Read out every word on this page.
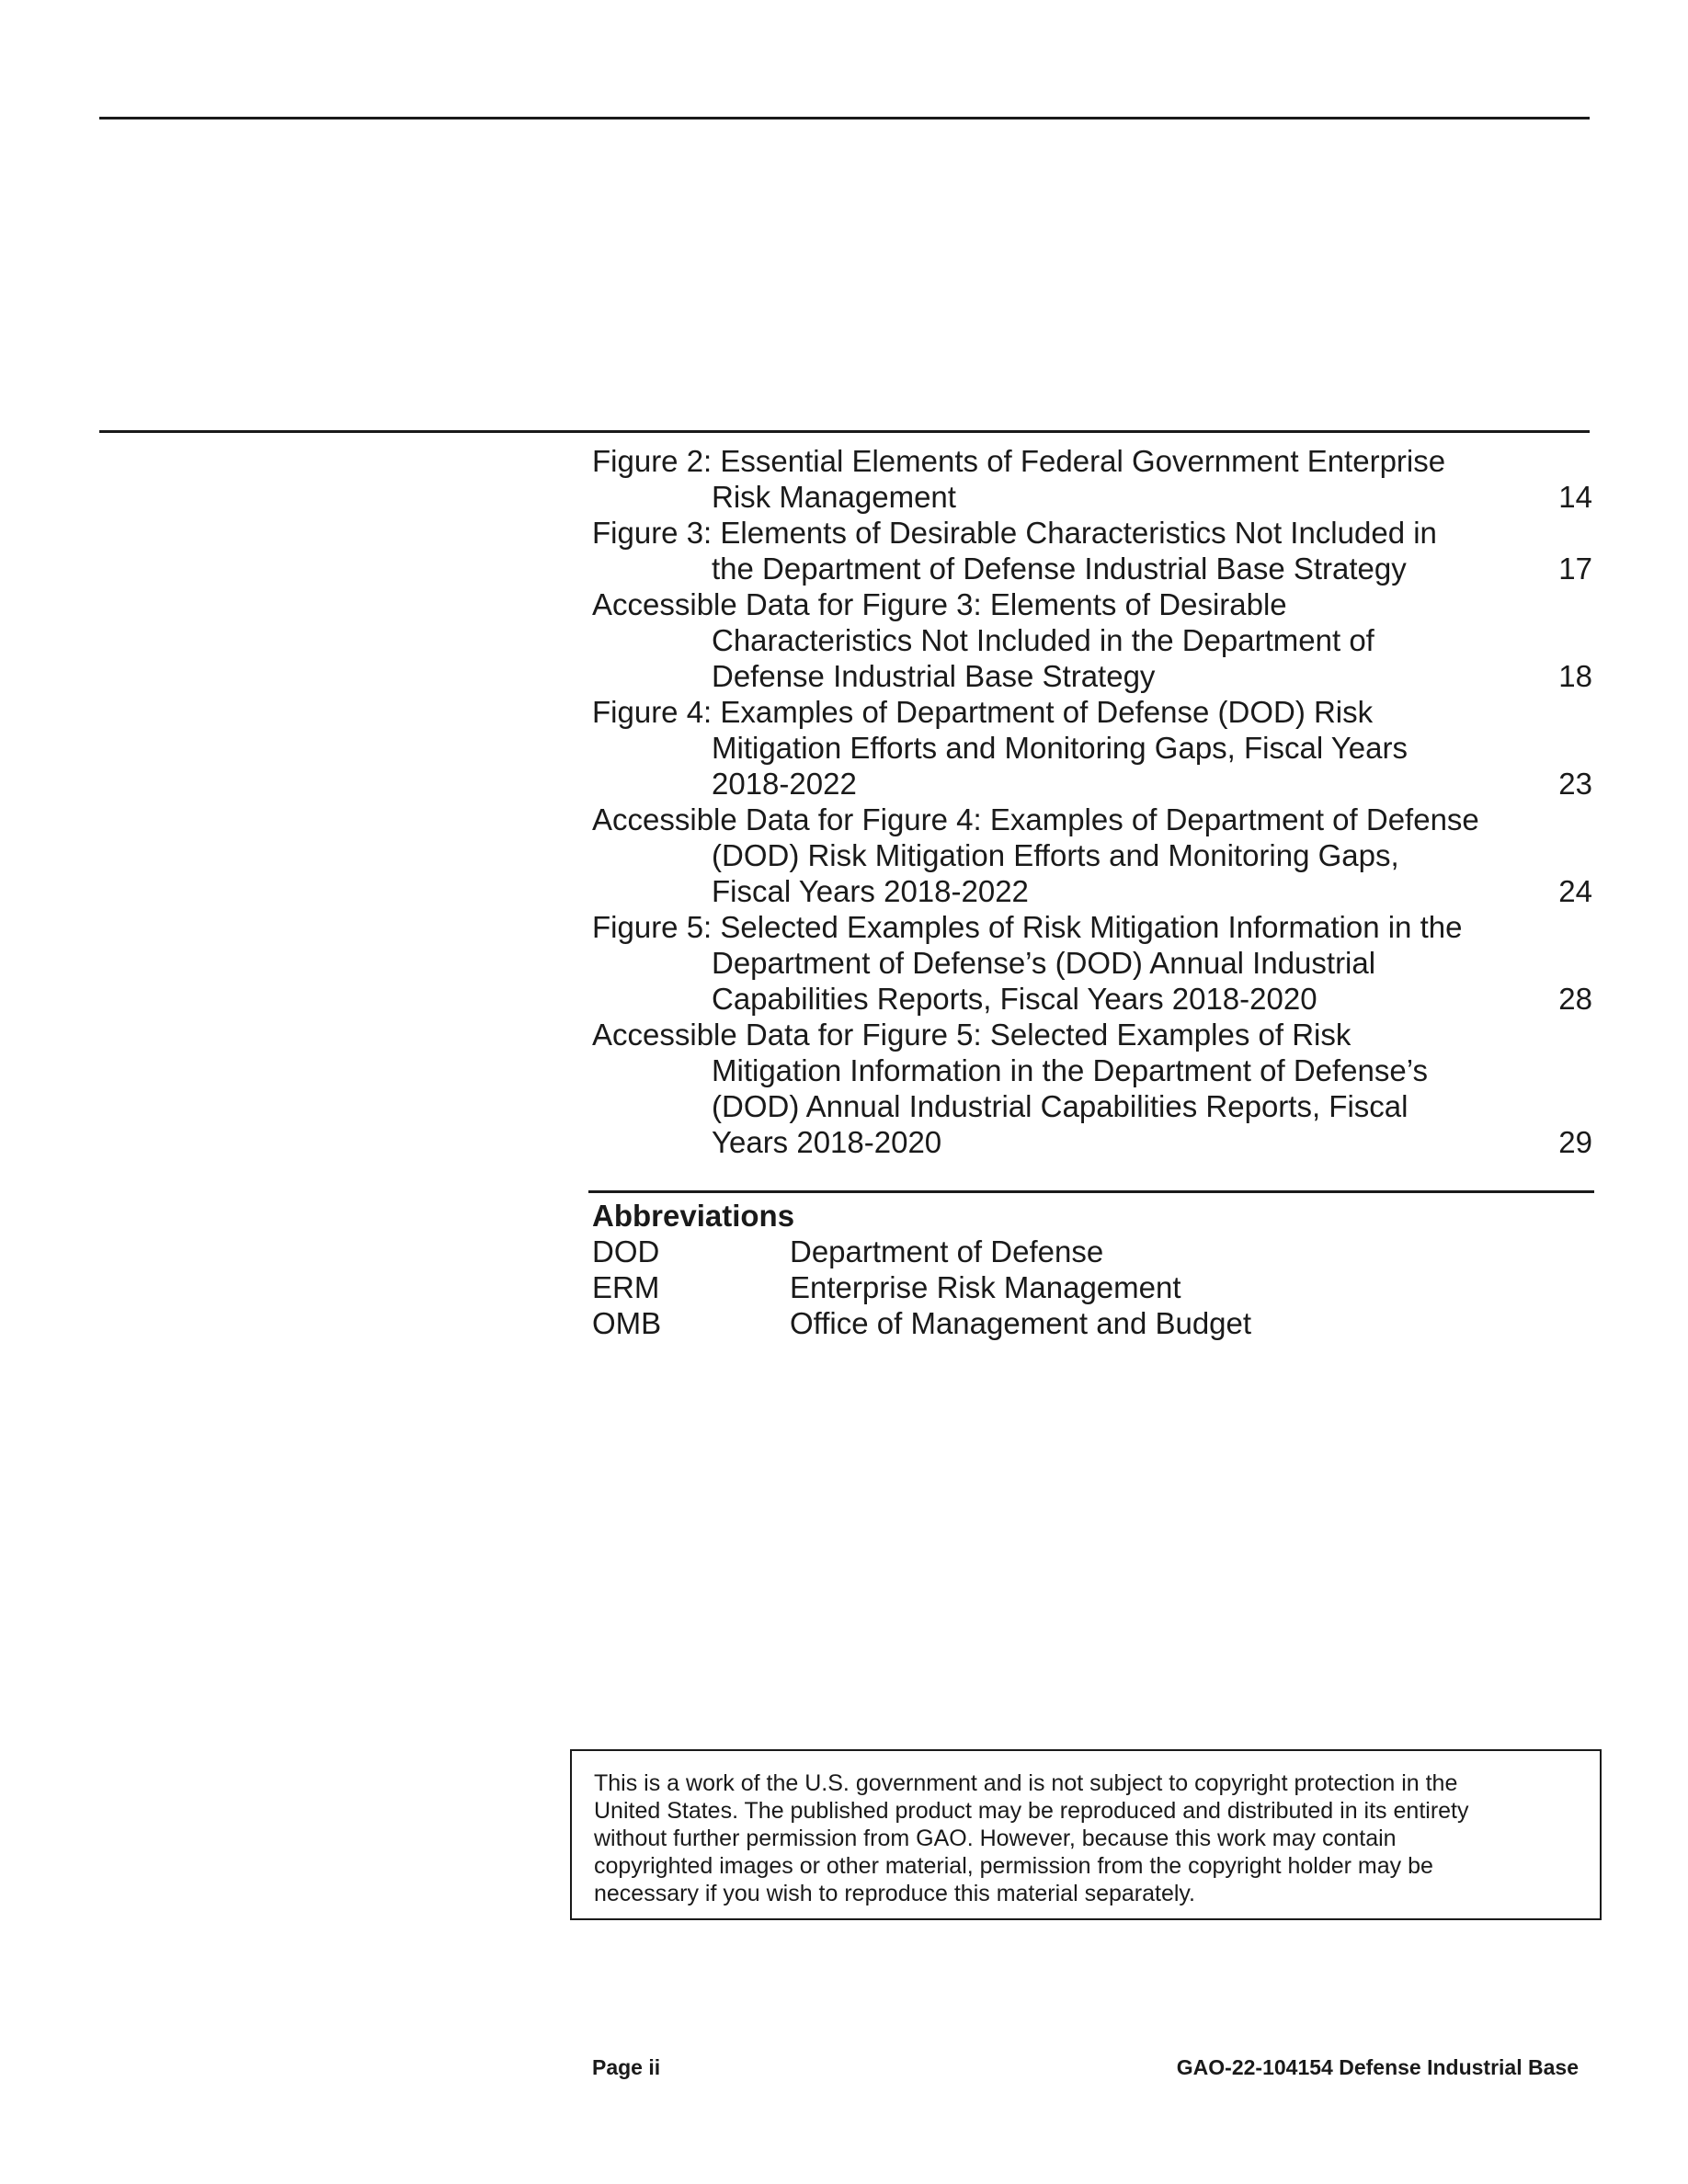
Figure 2: Essential Elements of Federal Government Enterprise
Risk Management	14
Figure 3: Elements of Desirable Characteristics Not Included in
the Department of Defense Industrial Base Strategy	17
Accessible Data for Figure 3: Elements of Desirable
Characteristics Not Included in the Department of
Defense Industrial Base Strategy	18
Figure 4: Examples of Department of Defense (DOD) Risk
Mitigation Efforts and Monitoring Gaps, Fiscal Years
2018-2022	23
Accessible Data for Figure 4: Examples of Department of Defense
(DOD) Risk Mitigation Efforts and Monitoring Gaps,
Fiscal Years 2018-2022	24
Figure 5: Selected Examples of Risk Mitigation Information in the
Department of Defense’s (DOD) Annual Industrial
Capabilities Reports, Fiscal Years 2018-2020	28
Accessible Data for Figure 5: Selected Examples of Risk
Mitigation Information in the Department of Defense’s
(DOD) Annual Industrial Capabilities Reports, Fiscal
Years 2018-2020	29
Abbreviations
DOD	Department of Defense
ERM	Enterprise Risk Management
OMB	Office of Management and Budget
This is a work of the U.S. government and is not subject to copyright protection in the
United States. The published product may be reproduced and distributed in its entirety
without further permission from GAO. However, because this work may contain
copyrighted images or other material, permission from the copyright holder may be
necessary if you wish to reproduce this material separately.
Page ii	GAO-22-104154 Defense Industrial Base
